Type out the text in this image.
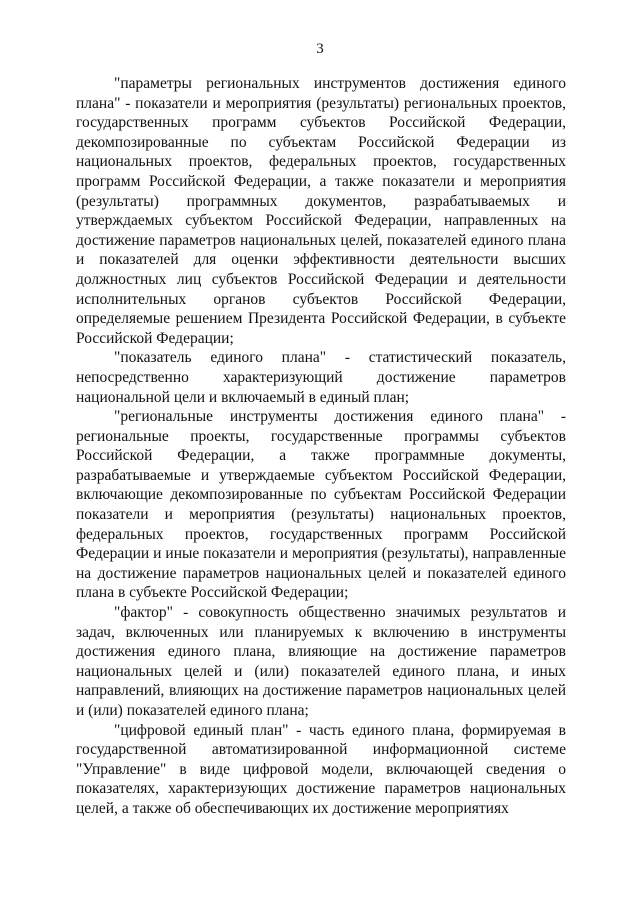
3

"параметры региональных инструментов достижения единого плана" - показатели и мероприятия (результаты) региональных проектов, государственных программ субъектов Российской Федерации, декомпозированные по субъектам Российской Федерации из национальных проектов, федеральных проектов, государственных программ Российской Федерации, а также показатели и мероприятия (результаты) программных документов, разрабатываемых и утверждаемых субъектом Российской Федерации, направленных на достижение параметров национальных целей, показателей единого плана и показателей для оценки эффективности деятельности высших должностных лиц субъектов Российской Федерации и деятельности исполнительных органов субъектов Российской Федерации, определяемые решением Президента Российской Федерации, в субъекте Российской Федерации;

"показатель единого плана" - статистический показатель, непосредственно характеризующий достижение параметров национальной цели и включаемый в единый план;

"региональные инструменты достижения единого плана" - региональные проекты, государственные программы субъектов Российской Федерации, а также программные документы, разрабатываемые и утверждаемые субъектом Российской Федерации, включающие декомпозированные по субъектам Российской Федерации показатели и мероприятия (результаты) национальных проектов, федеральных проектов, государственных программ Российской Федерации и иные показатели и мероприятия (результаты), направленные на достижение параметров национальных целей и показателей единого плана в субъекте Российской Федерации;

"фактор" - совокупность общественно значимых результатов и задач, включенных или планируемых к включению в инструменты достижения единого плана, влияющие на достижение параметров национальных целей и (или) показателей единого плана, и иных направлений, влияющих на достижение параметров национальных целей и (или) показателей единого плана;

"цифровой единый план" - часть единого плана, формируемая в государственной автоматизированной информационной системе "Управление" в виде цифровой модели, включающей сведения о показателях, характеризующих достижение параметров национальных целей, а также об обеспечивающих их достижение мероприятиях
